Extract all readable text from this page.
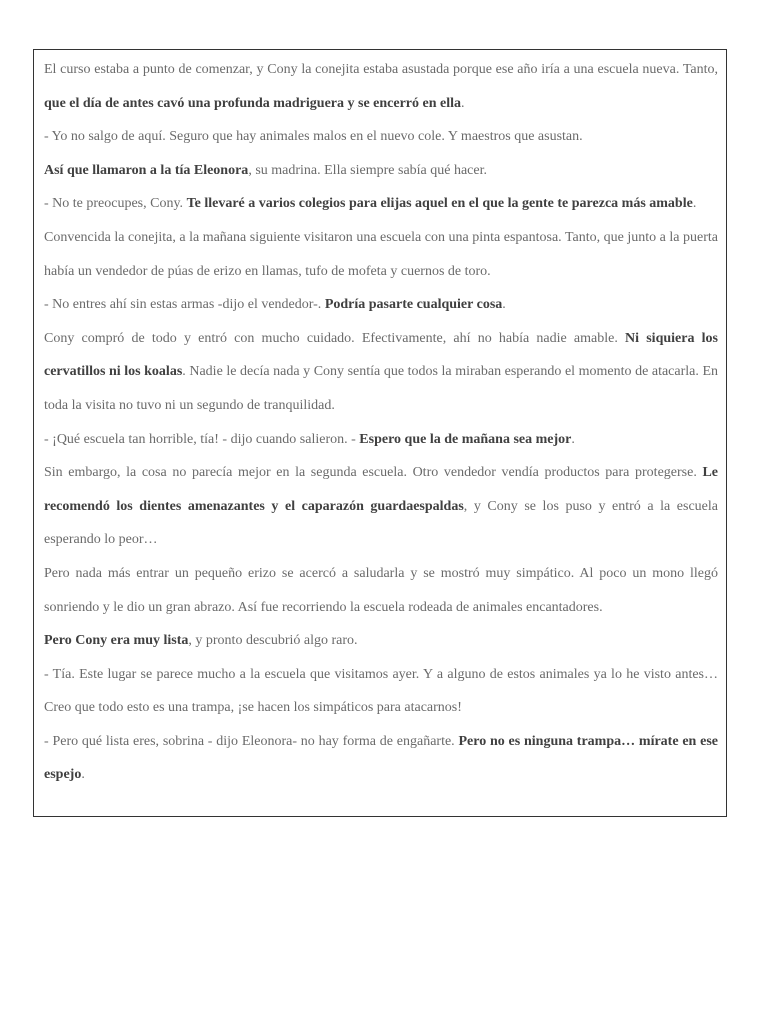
El curso estaba a punto de comenzar, y Cony la conejita estaba asustada porque ese año iría a una escuela nueva. Tanto, que el día de antes cavó una profunda madriguera y se encerró en ella.

- Yo no salgo de aquí. Seguro que hay animales malos en el nuevo cole. Y maestros que asustan.

Así que llamaron a la tía Eleonora, su madrina. Ella siempre sabía qué hacer.

- No te preocupes, Cony. Te llevaré a varios colegios para elijas aquel en el que la gente te parezca más amable.

Convencida la conejita, a la mañana siguiente visitaron una escuela con una pinta espantosa. Tanto, que junto a la puerta había un vendedor de púas de erizo en llamas, tufo de mofeta y cuernos de toro.

- No entres ahí sin estas armas -dijo el vendedor-. Podría pasarte cualquier cosa.

Cony compró de todo y entró con mucho cuidado. Efectivamente, ahí no había nadie amable. Ni siquiera los cervatillos ni los koalas. Nadie le decía nada y Cony sentía que todos la miraban esperando el momento de atacarla. En toda la visita no tuvo ni un segundo de tranquilidad.

- ¡Qué escuela tan horrible, tía! - dijo cuando salieron. - Espero que la de mañana sea mejor.

Sin embargo, la cosa no parecía mejor en la segunda escuela. Otro vendedor vendía productos para protegerse. Le recomendó los dientes amenazantes y el caparazón guardaespaldas, y Cony se los puso y entró a la escuela esperando lo peor…

Pero nada más entrar un pequeño erizo se acercó a saludarla y se mostró muy simpático. Al poco un mono llegó sonriendo y le dio un gran abrazo. Así fue recorriendo la escuela rodeada de animales encantadores.

Pero Cony era muy lista, y pronto descubrió algo raro.

- Tía. Este lugar se parece mucho a la escuela que visitamos ayer. Y a alguno de estos animales ya lo he visto antes… Creo que todo esto es una trampa, ¡se hacen los simpáticos para atacarnos!

- Pero qué lista eres, sobrina - dijo Eleonora- no hay forma de engañarte. Pero no es ninguna trampa… mírate en ese espejo.
